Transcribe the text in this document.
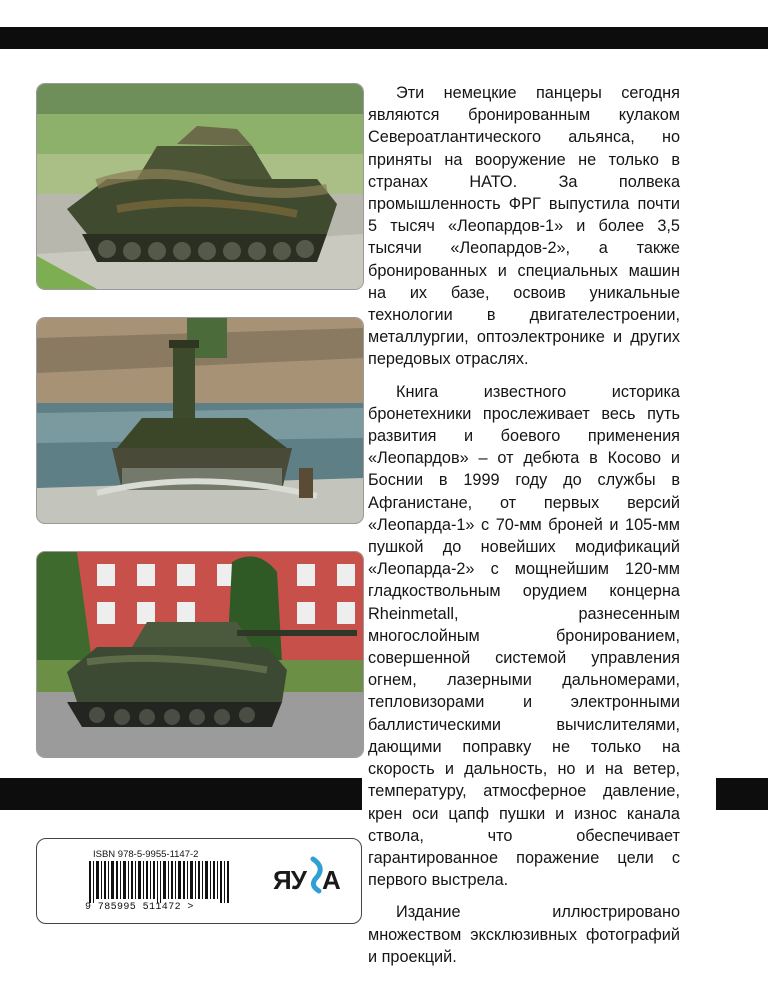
Эти немецкие панцеры сегодня являются бронированным кулаком Североатлантического альянса, но приняты на вооружение не только в странах НАТО. За полвека промышленность ФРГ выпустила почти 5 тысяч «Леопардов-1» и более 3,5 тысячи «Леопардов-2», а также бронированных и специальных машин на их базе, освоив уникальные технологии в двигателестроении, металлургии, оптоэлектронике и других передовых отраслях.

Книга известного историка бронетехники прослеживает весь путь развития и боевого применения «Леопардов» – от дебюта в Косово и Боснии в 1999 году до службы в Афганистане, от первых версий «Леопарда-1» с 70-мм броней и 105-мм пушкой до новейших модификаций «Леопарда-2» с мощнейшим 120-мм гладкоствольным орудием концерна Rheinmetall, разнесенным многослойным бронированием, совершенной системой управления огнем, лазерными дальномерами, тепловизорами и электронными баллистическими вычислителями, дающими поправку не только на скорость и дальность, но и на ветер, температуру, атмосферное давление, крен оси цапф пушки и износ канала ствола, что обеспечивает гарантированное поражение цели с первого выстрела.

Издание иллюстрировано множеством эксклюзивных фотографий и проекций.

ISBN 978-5-9955-1147-2
9 785995 511472 >
ЯУ А
